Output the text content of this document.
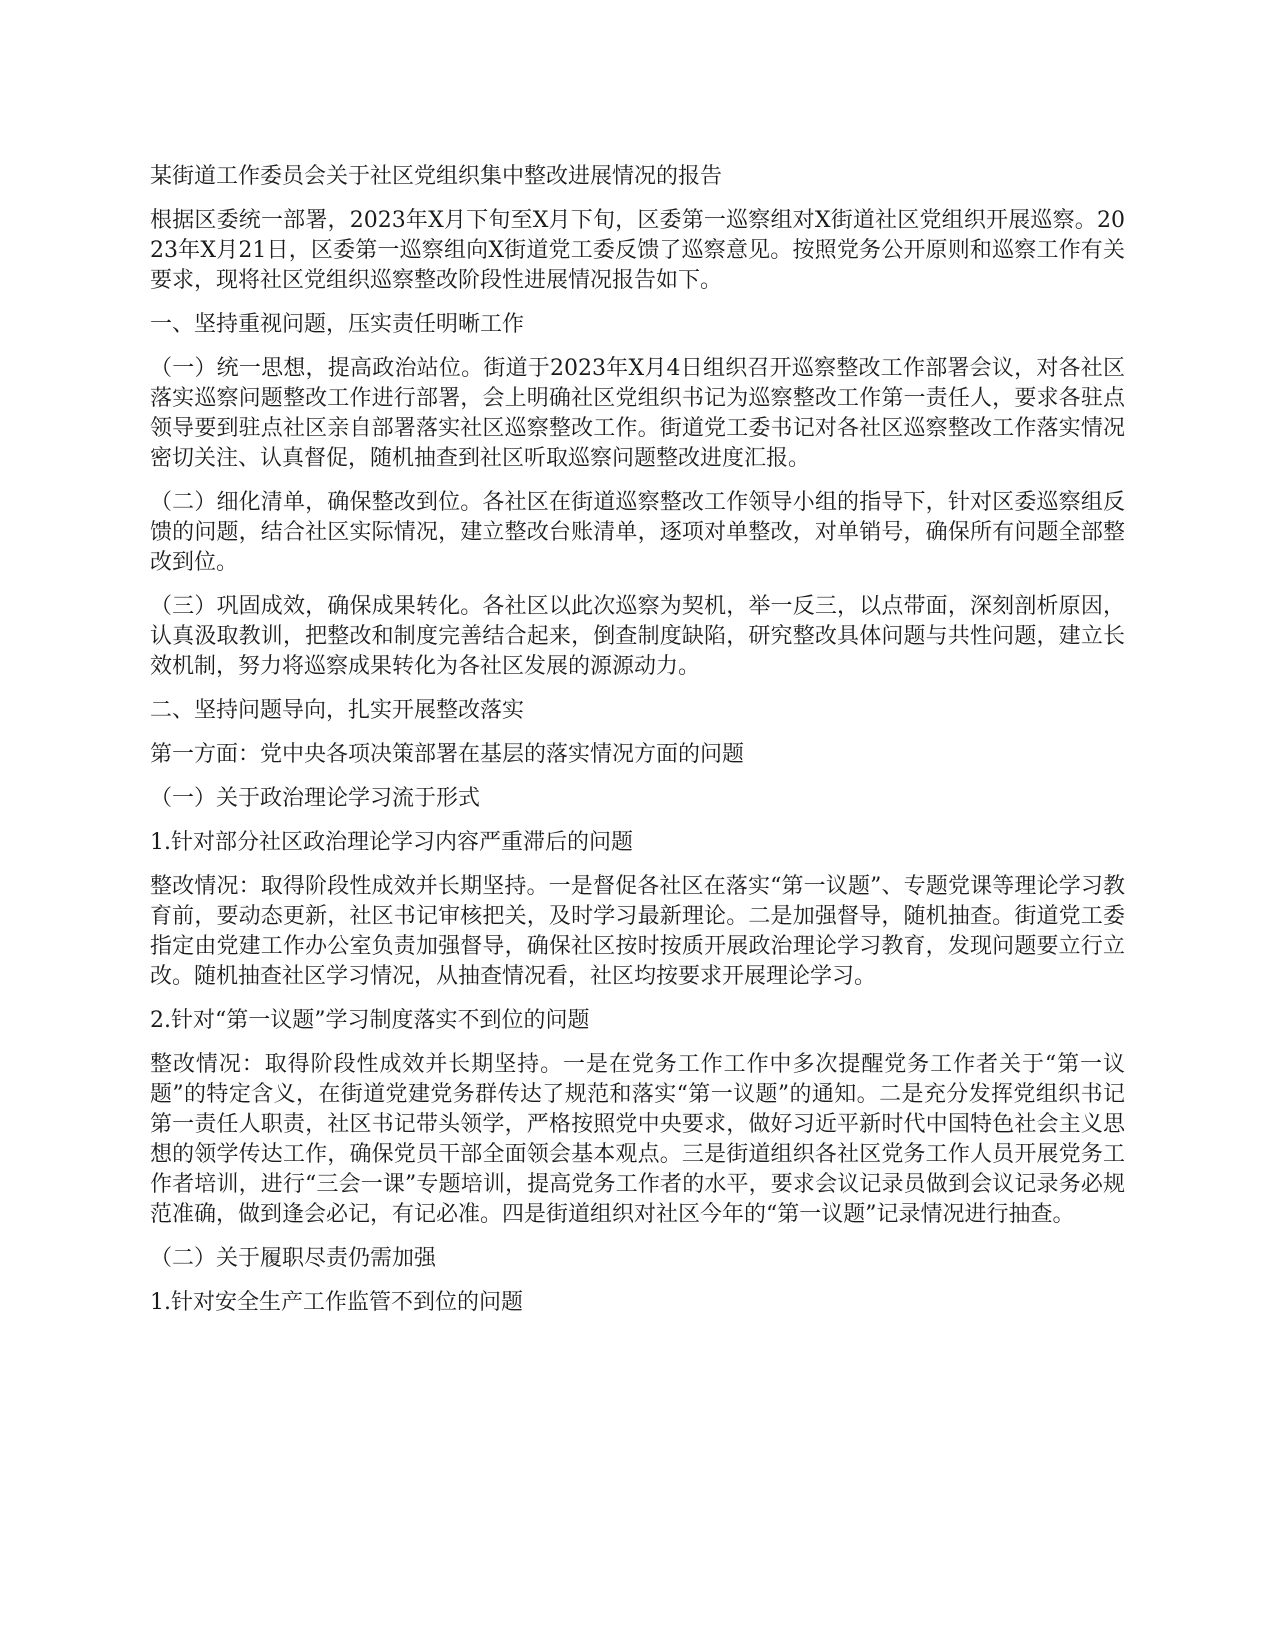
某街道工作委员会关于社区党组织集中整改进展情况的报告

根据区委统一部署，2023年X月下旬至X月下旬，区委第一巡察组对X街道社区党组织开展巡察。2023年X月21日，区委第一巡察组向X街道党工委反馈了巡察意见。按照党务公开原则和巡察工作有关要求，现将社区党组织巡察整改阶段性进展情况报告如下。

一、坚持重视问题，压实责任明晰工作

（一）统一思想，提高政治站位。街道于2023年X月4日组织召开巡察整改工作部署会议，对各社区落实巡察问题整改工作进行部署，会上明确社区党组织书记为巡察整改工作第一责任人，要求各驻点领导要到驻点社区亲自部署落实社区巡察整改工作。街道党工委书记对各社区巡察整改工作落实情况密切关注、认真督促，随机抽查到社区听取巡察问题整改进度汇报。

（二）细化清单，确保整改到位。各社区在街道巡察整改工作领导小组的指导下，针对区委巡察组反馈的问题，结合社区实际情况，建立整改台账清单，逐项对单整改，对单销号，确保所有问题全部整改到位。

（三）巩固成效，确保成果转化。各社区以此次巡察为契机，举一反三，以点带面，深刻剖析原因，认真汲取教训，把整改和制度完善结合起来，倒查制度缺陷，研究整改具体问题与共性问题，建立长效机制，努力将巡察成果转化为各社区发展的源源动力。

二、坚持问题导向，扎实开展整改落实

第一方面：党中央各项决策部署在基层的落实情况方面的问题

（一）关于政治理论学习流于形式

1.针对部分社区政治理论学习内容严重滞后的问题

整改情况：取得阶段性成效并长期坚持。一是督促各社区在落实“第一议题”、专题党课等理论学习教育前，要动态更新，社区书记审核把关，及时学习最新理论。二是加强督导，随机抽查。街道党工委指定由党建工作办公室负责加强督导，确保社区按时按质开展政治理论学习教育，发现问题要立行立改。随机抽查社区学习情况，从抽查情况看，社区均按要求开展理论学习。

2.针对“第一议题”学习制度落实不到位的问题

整改情况：取得阶段性成效并长期坚持。一是在党务工作工作中多次提醒党务工作者关于“第一议题”的特定含义，在街道党建党务群传达了规范和落实“第一议题”的通知。二是充分发挥党组织书记第一责任人职责，社区书记带头领学，严格按照党中央要求，做好习近平新时代中国特色社会主义思想的领学传达工作，确保党员干部全面领会基本观点。三是街道组织各社区党务工作人员开展党务工作者培训，进行“三会一课”专题培训，提高党务工作者的水平，要求会议记录员做到会议记录务必规范准确，做到逢会必记，有记必准。四是街道组织对社区今年的“第一议题”记录情况进行抽查。

（二）关于履职尽责仍需加强

1.针对安全生产工作监管不到位的问题
